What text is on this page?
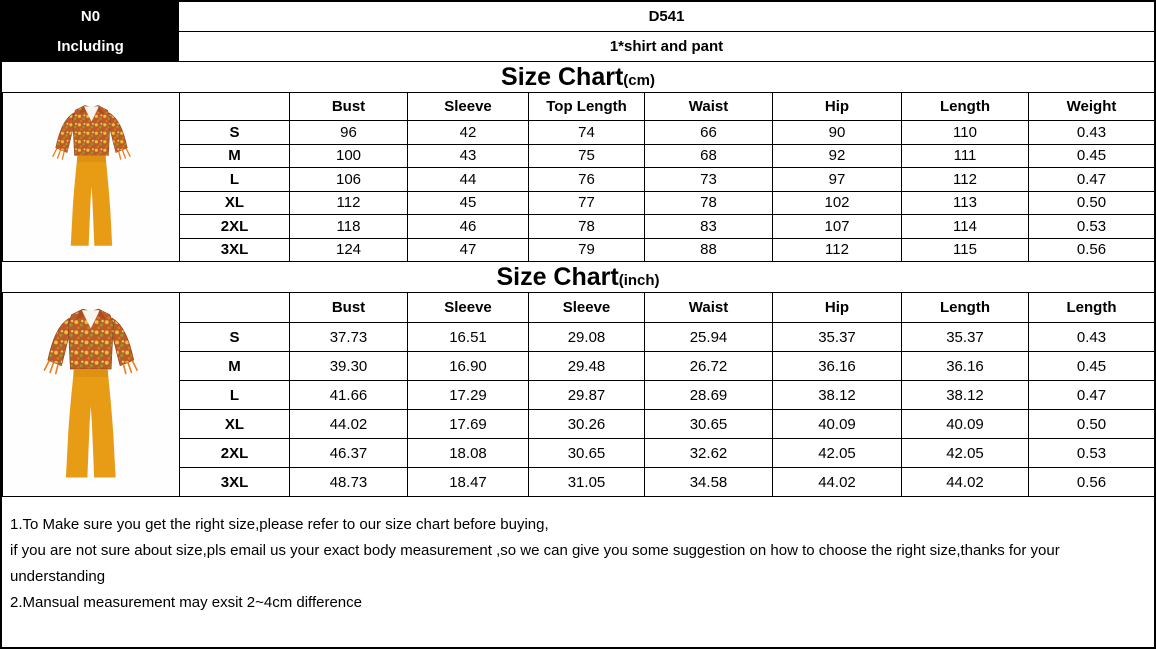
N0	D541
Including	1*shirt and pant
Size Chart (cm)
		Bust	Sleeve	Top Length	Waist	Hip	Length	Weight
	S	96	42	74	66	90	110	0.43
	M	100	43	75	68	92	111	0.45
	L	106	44	76	73	97	112	0.47
	XL	112	45	77	78	102	113	0.50
	2XL	118	46	78	83	107	114	0.53
	3XL	124	47	79	88	112	115	0.56
Size Chart (inch)
		Bust	Sleeve	Sleeve	Waist	Hip	Length	Length
	S	37.73	16.51	29.08	25.94	35.37	35.37	0.43
	M	39.30	16.90	29.48	26.72	36.16	36.16	0.45
	L	41.66	17.29	29.87	28.69	38.12	38.12	0.47
	XL	44.02	17.69	30.26	30.65	40.09	40.09	0.50
	2XL	46.37	18.08	30.65	32.62	42.05	42.05	0.53
	3XL	48.73	18.47	31.05	34.58	44.02	44.02	0.56
1.To Make sure you get the right size,please refer to our size chart before buying,
if you are not sure about size,pls email us your exact body measurement ,so we can give you some suggestion on how to choose the right size,thanks for your
understanding
2.Mansual measurement may exsit 2~4cm difference
